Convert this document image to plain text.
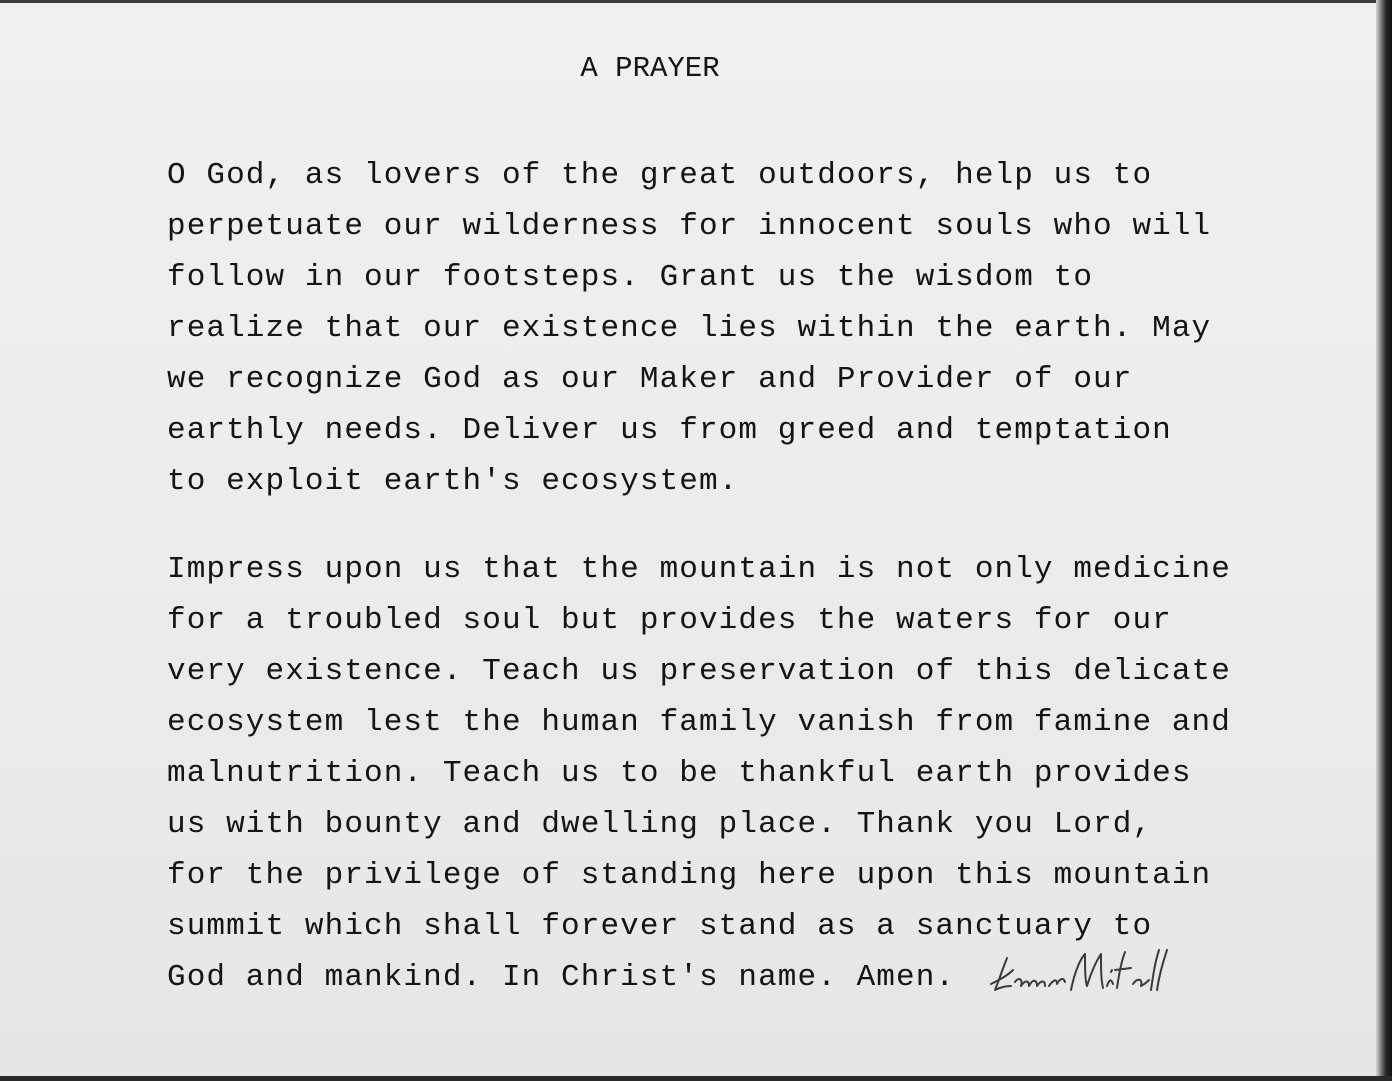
A PRAYER

O God, as lovers of the great outdoors, help us to
perpetuate our wilderness for innocent souls who will
follow in our footsteps. Grant us the wisdom to
realize that our existence lies within the earth. May
we recognize God as our Maker and Provider of our
earthly needs. Deliver us from greed and temptation
to exploit earth's ecosystem.

Impress upon us that the mountain is not only medicine
for a troubled soul but provides the waters for our
very existence. Teach us preservation of this delicate
ecosystem lest the human family vanish from famine and
malnutrition. Teach us to be thankful earth provides
us with bounty and dwelling place. Thank you Lord,
for the privilege of standing here upon this mountain
summit which shall forever stand as a sanctuary to
God and mankind. In Christ's name. Amen.
